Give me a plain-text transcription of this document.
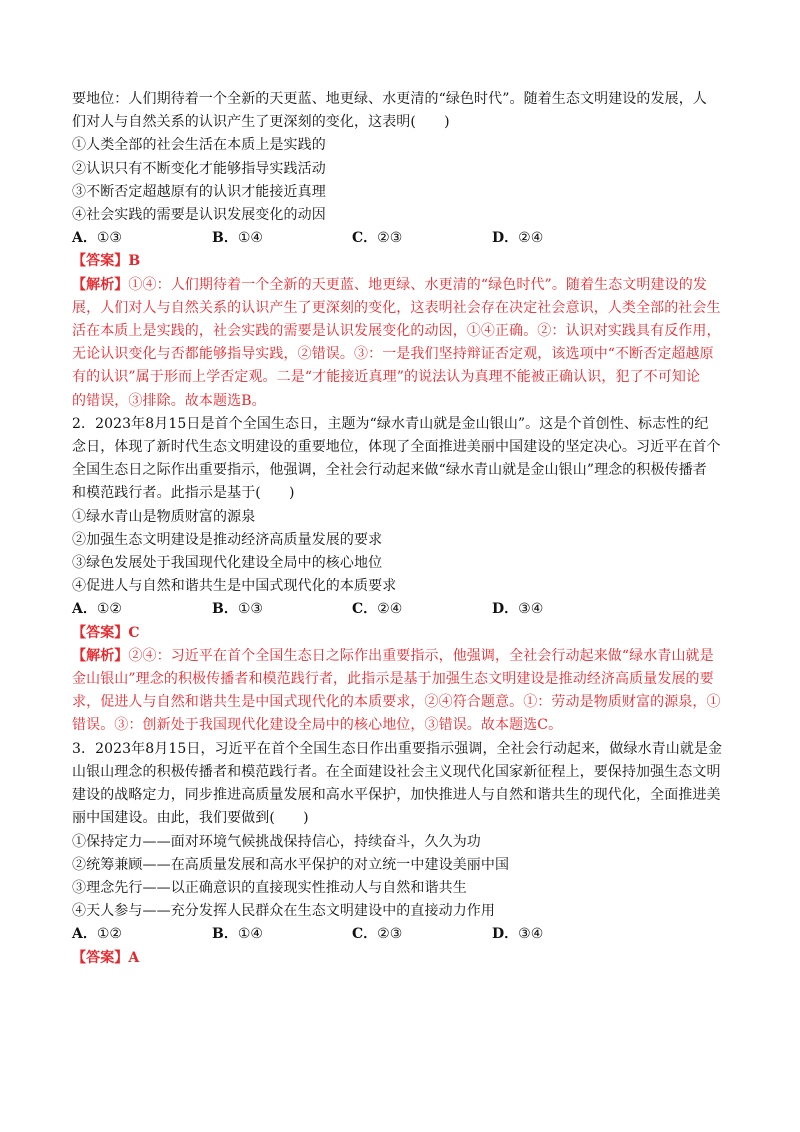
要地位：人们期待着一个全新的天更蓝、地更绿、水更清的“绿色时代”。随着生态文明建设的发展，人
们对人与自然关系的认识产生了更深刻的变化，这表明(　　)
①人类全部的社会生活在本质上是实践的
②认识只有不断变化才能够指导实践活动
③不断否定超越原有的认识才能接近真理
④社会实践的需要是认识发展变化的动因
A．①③	B．①④	C．②③	D．②④
【答案】B
【解析】①④：人们期待着一个全新的天更蓝、地更绿、水更清的“绿色时代”。随着生态文明建设的发
展，人们对人与自然关系的认识产生了更深刻的变化，这表明社会存在决定社会意识，人类全部的社会生
活在本质上是实践的，社会实践的需要是认识发展变化的动因，①④正确。②：认识对实践具有反作用，
无论认识变化与否都能够指导实践，②错误。③：一是我们坚持辩证否定观，该选项中“不断否定超越原
有的认识”属于形而上学否定观。二是“才能接近真理”的说法认为真理不能被正确认识，犯了不可知论
的错误，③排除。故本题选B。
2．2023年8月15日是首个全国生态日，主题为“绿水青山就是金山银山”。这是个首创性、标志性的纪
念日，体现了新时代生态文明建设的重要地位，体现了全面推进美丽中国建设的坚定决心。习近平在首个
全国生态日之际作出重要指示，他强调，全社会行动起来做“绿水青山就是金山银山”理念的积极传播者
和模范践行者。此指示是基于(　　)
①绿水青山是物质财富的源泉
②加强生态文明建设是推动经济高质量发展的要求
③绿色发展处于我国现代化建设全局中的核心地位
④促进人与自然和谐共生是中国式现代化的本质要求
A．①②	B．①③	C．②④	D．③④
【答案】C
【解析】②④：习近平在首个全国生态日之际作出重要指示，他强调，全社会行动起来做“绿水青山就是
金山银山”理念的积极传播者和模范践行者，此指示是基于加强生态文明建设是推动经济高质量发展的要
求，促进人与自然和谐共生是中国式现代化的本质要求，②④符合题意。①：劳动是物质财富的源泉，①
错误。③：创新处于我国现代化建设全局中的核心地位，③错误。故本题选C。
3．2023年8月15日，习近平在首个全国生态日作出重要指示强调，全社会行动起来，做绿水青山就是金
山银山理念的积极传播者和模范践行者。在全面建设社会主义现代化国家新征程上，要保持加强生态文明
建设的战略定力，同步推进高质量发展和高水平保护，加快推进人与自然和谐共生的现代化，全面推进美
丽中国建设。由此，我们要做到(　　)
①保持定力——面对环境气候挑战保持信心，持续奋斗，久久为功
②统筹兼顾——在高质量发展和高水平保护的对立统一中建设美丽中国
③理念先行——以正确意识的直接现实性推动人与自然和谐共生
④天人参与——充分发挥人民群众在生态文明建设中的直接动力作用
A．①②	B．①④	C．②③	D．③④
【答案】A
